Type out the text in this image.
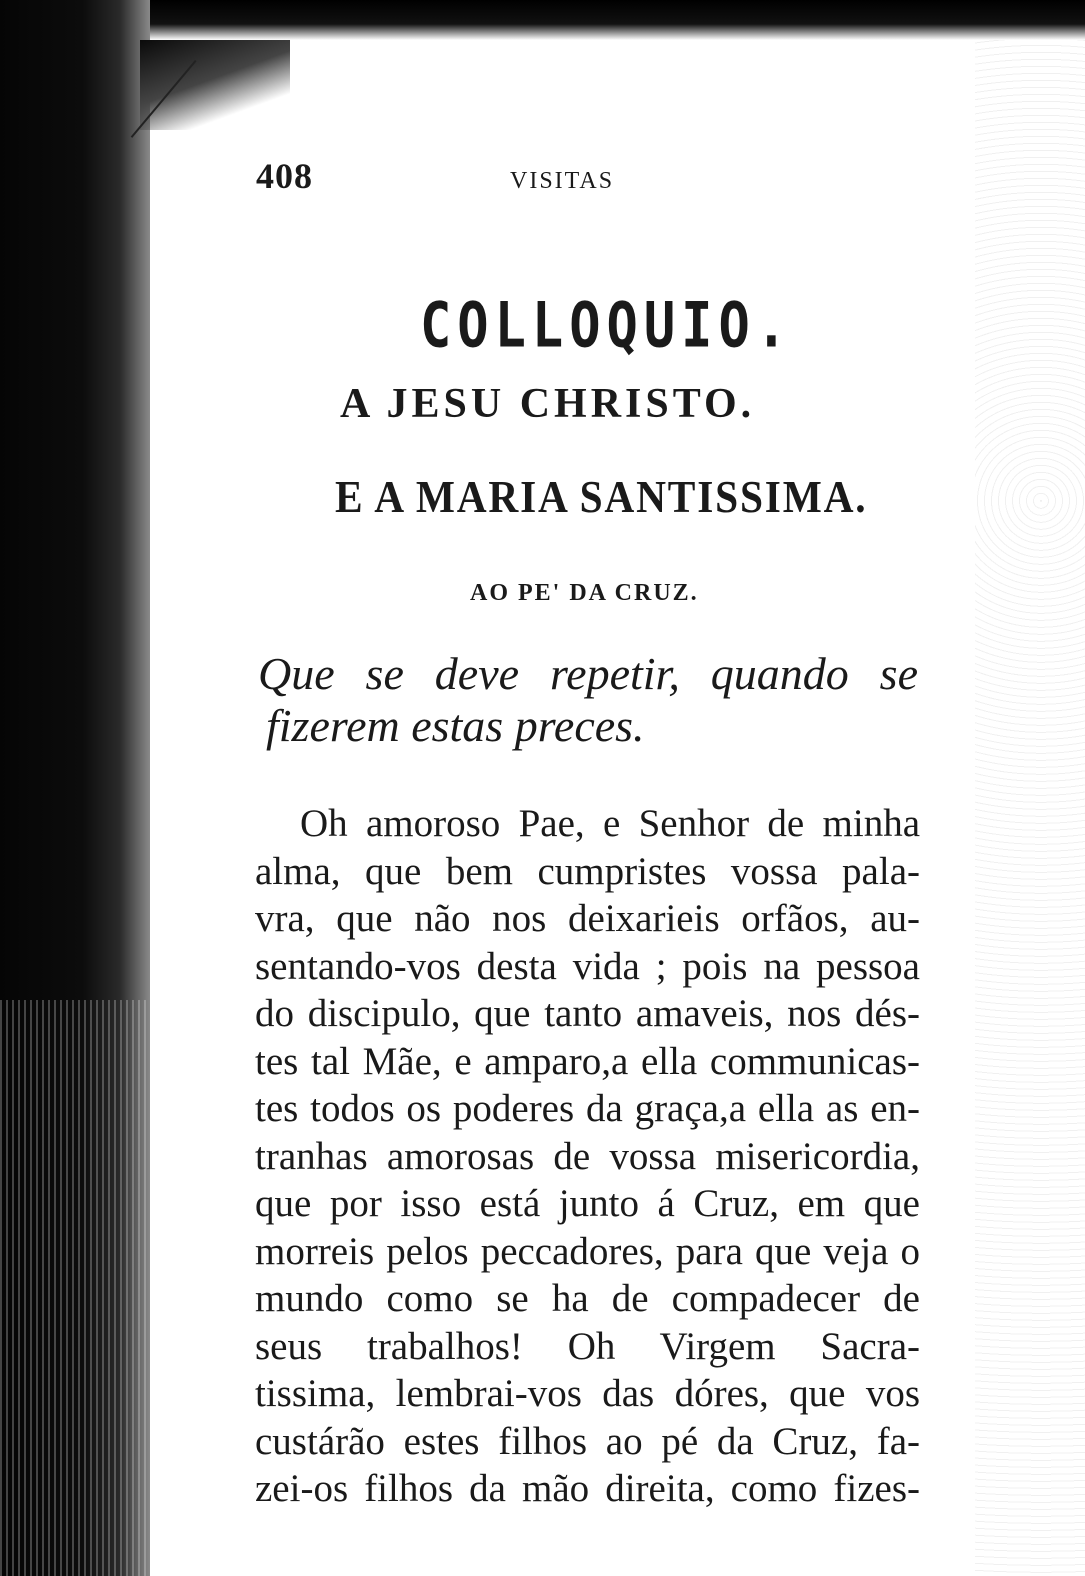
408	VISITAS
COLLOQUIO.
A JESU CHRISTO.
E A MARIA SANTISSIMA.
AO PE' DA CRUZ.
Que se deve repetir, quando se
fizerem estas preces.
Oh amoroso Pae, e Senhor de minha
alma, que bem cumpristes vossa pala-
vra, que não nos deixarieis orfãos, au-
sentando-vos desta vida ; pois na pessoa
do discipulo, que tanto amaveis, nos dés-
tes tal Mãe, e amparo,a ella communicas-
tes todos os poderes da graça,a ella as en-
tranhas amorosas de vossa misericordia,
que por isso está junto á Cruz, em que
morreis pelos peccadores, para que veja o
mundo como se ha de compadecer de
seus trabalhos! Oh Virgem Sacra-
tissima, lembrai-vos das dóres, que vos
custárão estes filhos ao pé da Cruz, fa-
zei-os filhos da mão direita, como fizes-
